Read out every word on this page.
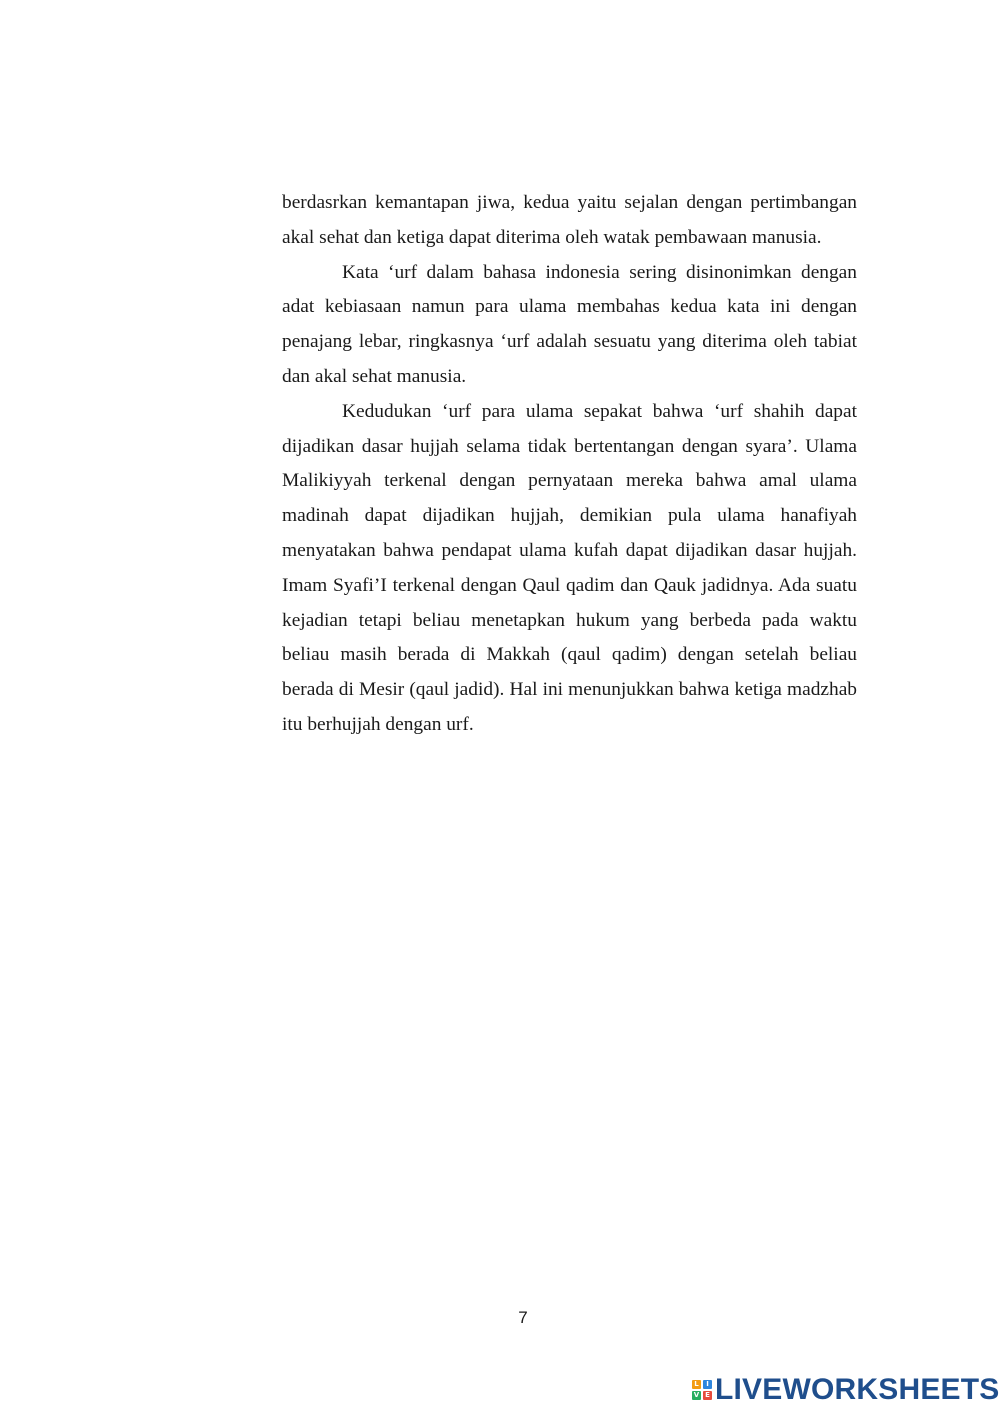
berdasrkan kemantapan jiwa, kedua yaitu sejalan dengan pertimbangan akal sehat dan ketiga dapat diterima oleh watak pembawaan manusia.

Kata ‘urf dalam bahasa indonesia sering disinonimkan dengan adat kebiasaan namun para ulama membahas kedua kata ini dengan penajang lebar, ringkasnya ‘urf adalah sesuatu yang diterima oleh tabiat dan akal sehat manusia.

Kedudukan ‘urf para ulama sepakat bahwa ‘urf shahih dapat dijadikan dasar hujjah selama tidak bertentangan dengan syara’. Ulama Malikiyyah terkenal dengan pernyataan mereka bahwa amal ulama madinah dapat dijadikan hujjah, demikian pula ulama hanafiyah menyatakan bahwa pendapat ulama kufah dapat dijadikan dasar hujjah. Imam Syafi’I terkenal dengan Qaul qadim dan Qauk jadidnya. Ada suatu kejadian tetapi beliau menetapkan hukum yang berbeda pada waktu beliau masih berada di Makkah (qaul qadim) dengan setelah beliau berada di Mesir (qaul jadid). Hal ini menunjukkan bahwa ketiga madzhab itu berhujjah dengan urf.

7
L	I
V E LIVEWORKSHEETS
